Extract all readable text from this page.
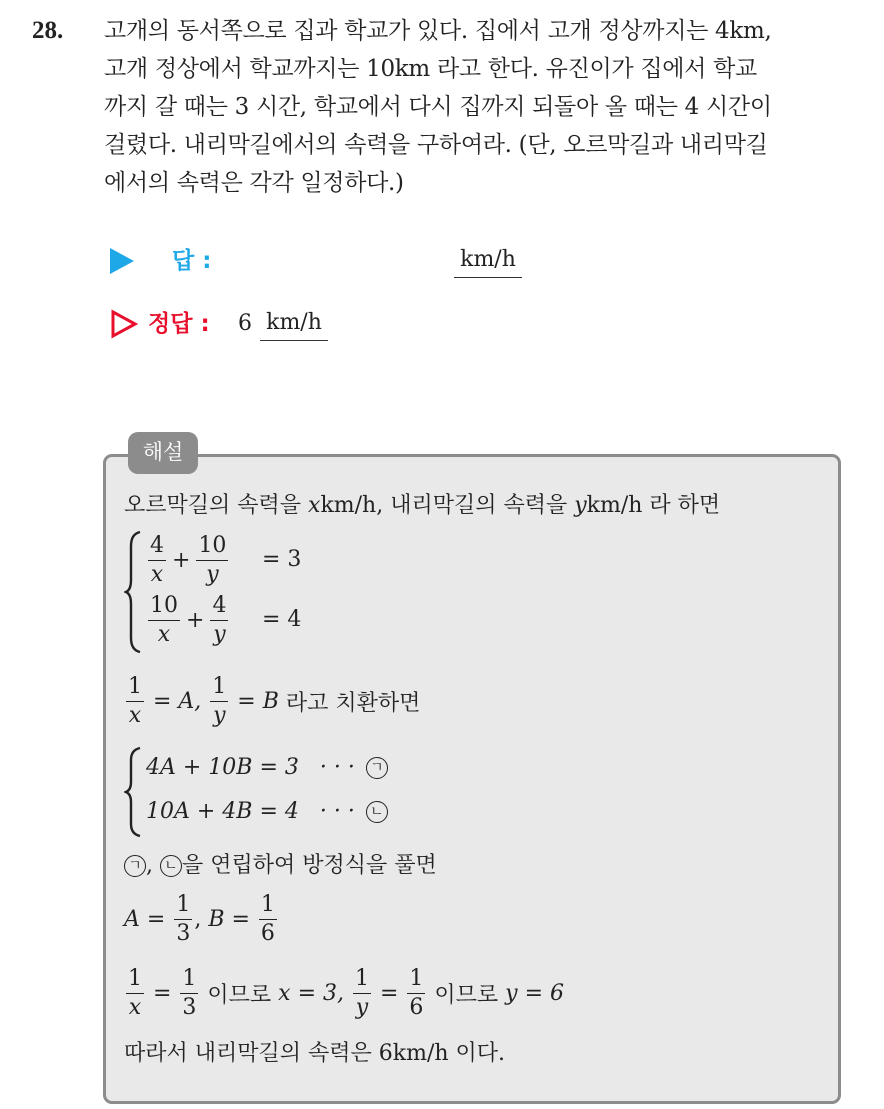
28. 고개의 동서쪽으로 집과 학교가 있다. 집에서 고개 정상까지는 4km,
고개 정상에서 학교까지는 10km 라고 한다. 유진이가 집에서 학교
까지 갈 때는 3 시간, 학교에서 다시 집까지 되돌아 올 때는 4 시간이
걸렸다. 내리막길에서의 속력을 구하여라. (단, 오르막길과 내리막길
에서의 속력은 각각 일정하다.)
답 :	km/h
정답 : 6 km/h
해설
오르막길의 속력을 xkm/h, 내리막길의 속력을 ykm/h 라 하면
$\frac{4}{x} + \frac{10}{y} = 3$
$\frac{10}{x} + \frac{4}{y} = 4$
$\frac{1}{x} = A$, $\frac{1}{y} = B$ 라고 치환하면
4A + 10B = 3   · · · ㄱ
10A + 4B = 4   · · · ㄴ
ㄱ , ㄴ 을 연립하여 방정식을 풀면
$A = \frac{1}{3}$ , $B = \frac{1}{6}$
$\frac{1}{x} = \frac{1}{3}$ 이므로 x = 3, $\frac{1}{y} = \frac{1}{6}$ 이므로 y = 6
따라서 내리막길의 속력은 6km/h 이다.
